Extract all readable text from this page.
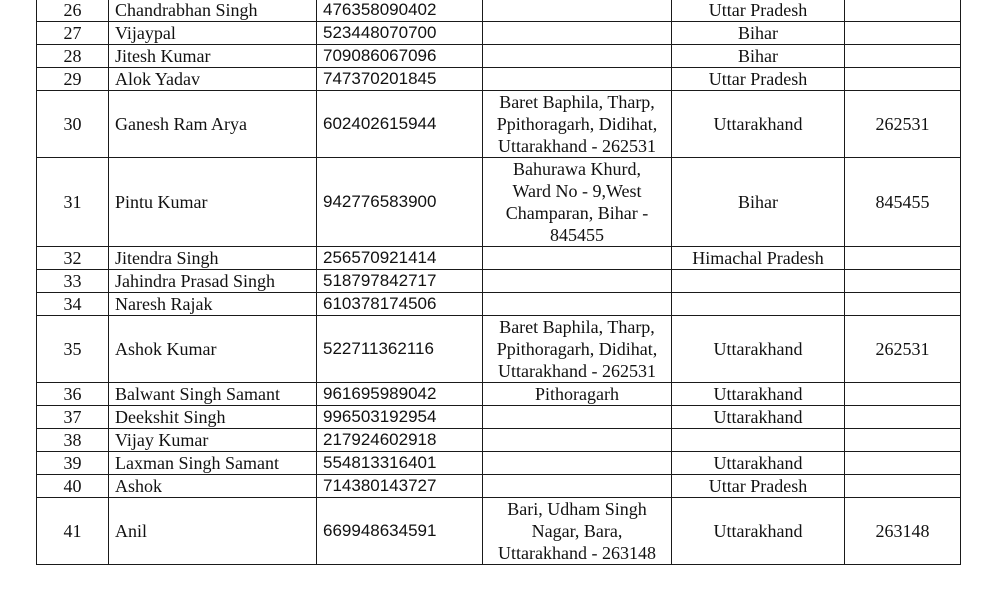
26	Chandrabhan Singh	476358090402		Uttar Pradesh	
27	Vijaypal	523448070700		Bihar	
28	Jitesh Kumar	709086067096		Bihar	
29	Alok Yadav	747370201845		Uttar Pradesh	
30	Ganesh Ram Arya	602402615944	Baret Baphila, Tharp,
Ppithoragarh, Didihat,
Uttarakhand - 262531	Uttarakhand	262531
31	Pintu Kumar	942776583900	Bahurawa Khurd,
Ward No - 9,West
Champaran, Bihar -
845455	Bihar	845455
32	Jitendra Singh	256570921414		Himachal Pradesh	
33	Jahindra Prasad Singh	518797842717			
34	Naresh Rajak	610378174506			
35	Ashok Kumar	522711362116	Baret Baphila, Tharp,
Ppithoragarh, Didihat,
Uttarakhand - 262531	Uttarakhand	262531
36	Balwant Singh Samant	961695989042	Pithoragarh	Uttarakhand	
37	Deekshit Singh	996503192954		Uttarakhand	
38	Vijay Kumar	217924602918			
39	Laxman Singh Samant	554813316401		Uttarakhand	
40	Ashok	714380143727		Uttar Pradesh	
41	Anil	669948634591	Bari, Udham Singh
Nagar, Bara,
Uttarakhand - 263148	Uttarakhand	263148
